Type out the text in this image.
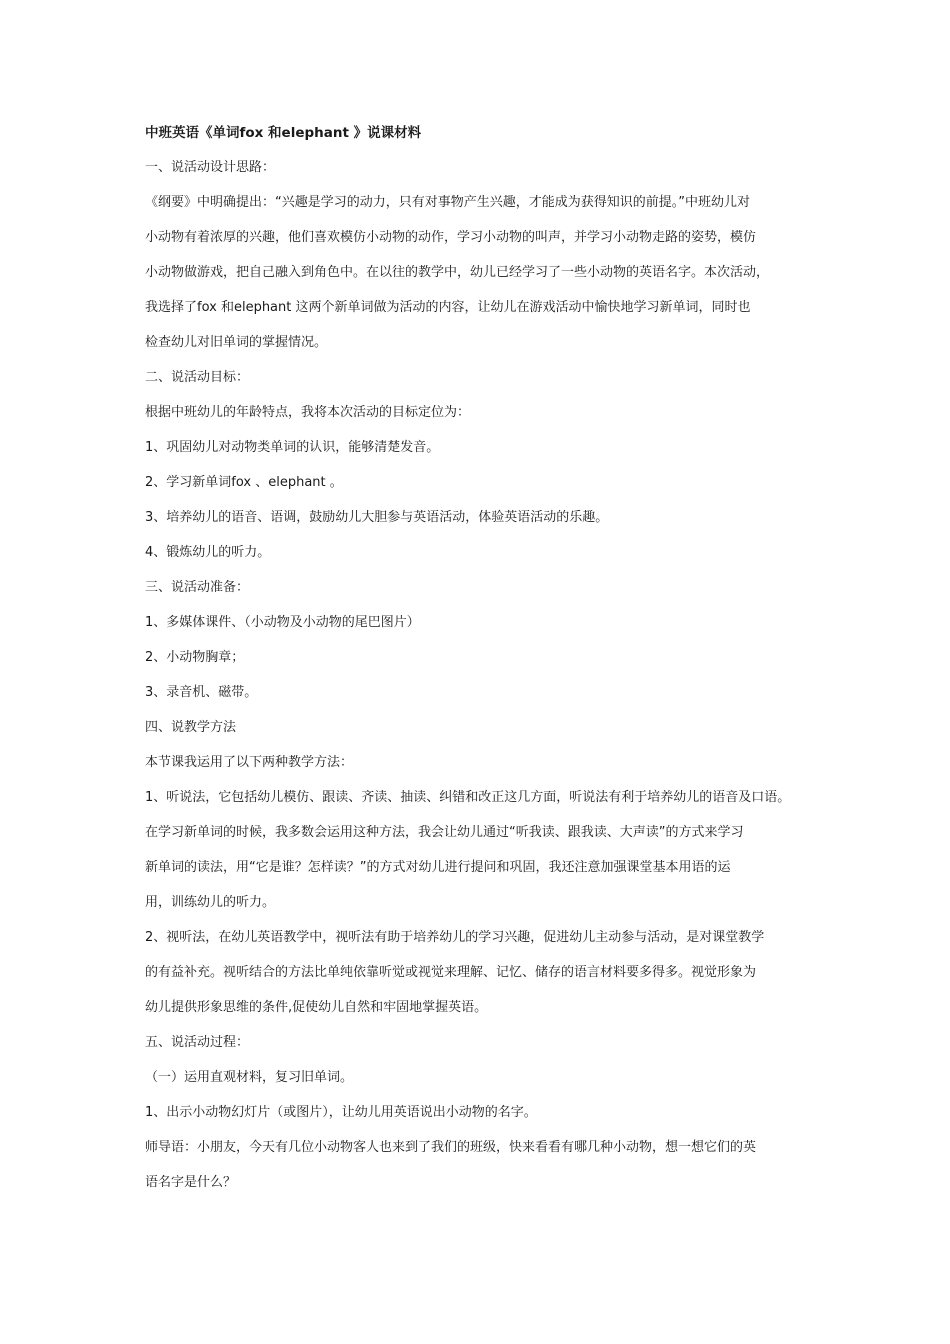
中班英语《单词fox 和elephant 》说课材料
一、说活动设计思路：
《纲要》中明确提出：“兴趣是学习的动力，只有对事物产生兴趣，才能成为获得知识的前提。”中班幼儿对
小动物有着浓厚的兴趣，他们喜欢模仿小动物的动作，学习小动物的叫声，并学习小动物走路的姿势，模仿
小动物做游戏，把自己融入到角色中。在以往的教学中，幼儿已经学习了一些小动物的英语名字。本次活动，
我选择了fox 和elephant 这两个新单词做为活动的内容，让幼儿在游戏活动中愉快地学习新单词，同时也
检查幼儿对旧单词的掌握情况。
二、说活动目标：
根据中班幼儿的年龄特点，我将本次活动的目标定位为：
1、巩固幼儿对动物类单词的认识，能够清楚发音。
2、学习新单词fox 、elephant 。
3、培养幼儿的语音、语调，鼓励幼儿大胆参与英语活动，体验英语活动的乐趣。
4、锻炼幼儿的听力。
三、说活动准备：
1、多媒体课件、（小动物及小动物的尾巴图片）
2、小动物胸章；
3、录音机、磁带。
四、说教学方法
本节课我运用了以下两种教学方法：
1、听说法，它包括幼儿模仿、跟读、齐读、抽读、纠错和改正这几方面，听说法有利于培养幼儿的语音及口语。
在学习新单词的时候，我多数会运用这种方法，我会让幼儿通过“听我读、跟我读、大声读”的方式来学习
新单词的读法，用“它是谁？怎样读？”的方式对幼儿进行提问和巩固，我还注意加强课堂基本用语的运
用，训练幼儿的听力。
2、视听法，在幼儿英语教学中，视听法有助于培养幼儿的学习兴趣，促进幼儿主动参与活动，是对课堂教学
的有益补充。视听结合的方法比单纯依靠听觉或视觉来理解、记忆、储存的语言材料要多得多。视觉形象为
幼儿提供形象思维的条件,促使幼儿自然和牢固地掌握英语。
五、说活动过程：
（一）运用直观材料，复习旧单词。
1、出示小动物幻灯片（或图片），让幼儿用英语说出小动物的名字。
师导语：小朋友，今天有几位小动物客人也来到了我们的班级，快来看看有哪几种小动物，想一想它们的英
语名字是什么？
